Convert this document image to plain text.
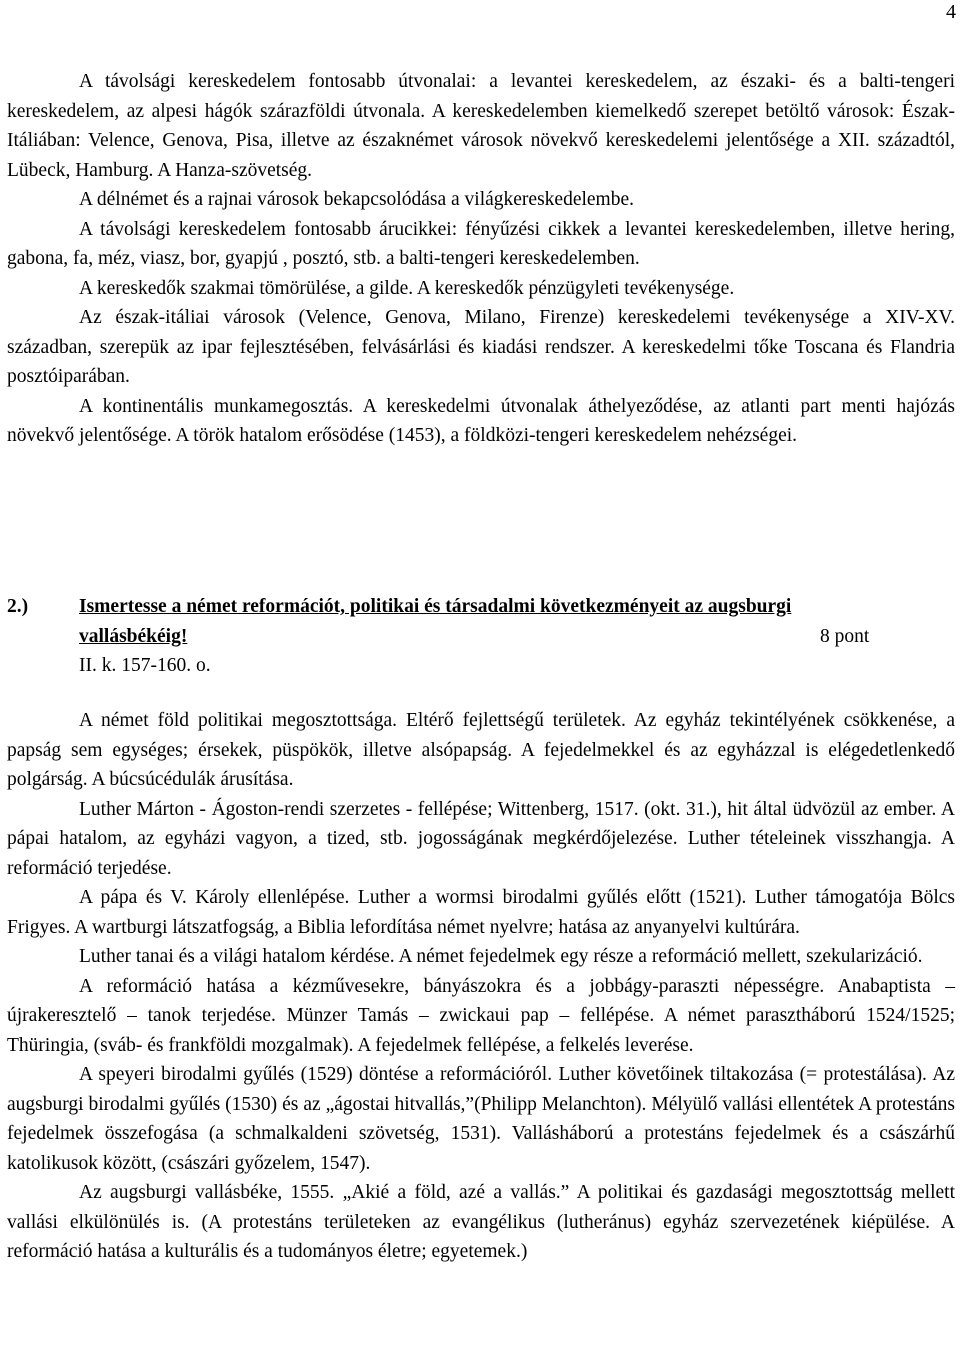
4

A távolsági kereskedelem fontosabb útvonalai: a levantei kereskedelem, az északi- és a balti-tengeri kereskedelem, az alpesi hágók szárazföldi útvonala. A kereskedelemben kiemelkedő szerepet betöltő városok: Észak-Itáliában: Velence, Genova, Pisa, illetve az északnémet városok növekvő kereskedelemi jelentősége a XII. századtól, Lübeck, Hamburg. A Hanza-szövetség.

A délnémet és a rajnai városok bekapcsolódása a világkereskedelembe.

A távolsági kereskedelem fontosabb árucikkei: fényűzési cikkek a levantei kereskedelemben, illetve hering, gabona, fa, méz, viasz, bor, gyapjú , posztó, stb. a balti-tengeri kereskedelemben.

A kereskedők szakmai tömörülése, a gilde. A kereskedők pénzügyleti tevékenysége.

Az észak-itáliai városok (Velence, Genova, Milano, Firenze) kereskedelemi tevékenysége a XIV-XV. században, szerepük az ipar fejlesztésében, felvásárlási és kiadási rendszer. A kereskedelmi tőke Toscana és Flandria posztóiparában.

A kontinentális munkamegosztás. A kereskedelmi útvonalak áthelyeződése, az atlanti part menti hajózás növekvő jelentősége. A török hatalom erősödése (1453), a földközi-tengeri kereskedelem nehézségei.

2.)
8 pont
Ismertesse a német reformációt, politikai és társadalmi következményeit az augsburgi vallásbékéig!
II. k. 157-160. o.

A német föld politikai megosztottsága. Eltérő fejlettségű területek. Az egyház tekintélyének csökkenése, a papság sem egységes; érsekek, püspökök, illetve alsópapság. A fejedelmekkel és az egyházzal is elégedetlenkedő polgárság. A búcsúcédulák árusítása.

Luther Márton - Ágoston-rendi szerzetes - fellépése; Wittenberg, 1517. (okt. 31.), hit által üdvözül az ember. A pápai hatalom, az egyházi vagyon, a tized, stb. jogosságának megkérdőjelezése. Luther tételeinek visszhangja. A reformáció terjedése.

A pápa és V. Károly ellenlépése. Luther a wormsi birodalmi gyűlés előtt (1521). Luther támogatója Bölcs Frigyes. A wartburgi látszatfogság, a Biblia lefordítása német nyelvre; hatása az anyanyelvi kultúrára.

Luther tanai és a világi hatalom kérdése. A német fejedelmek egy része a reformáció mellett, szekularizáció.

A reformáció hatása a kézművesekre, bányászokra és a jobbágy-paraszti népességre. Anabaptista – újrakeresztelő – tanok terjedése. Münzer Tamás – zwickaui pap – fellépése. A német parasztháború 1524/1525; Thüringia, (sváb- és frankföldi mozgalmak). A fejedelmek fellépése, a felkelés leverése.

A speyeri birodalmi gyűlés (1529) döntése a reformációról. Luther követőinek tiltakozása (= protestálása). Az augsburgi birodalmi gyűlés (1530) és az „ágostai hitvallás,”(Philipp Melanchton). Mélyülő vallási ellentétek A protestáns fejedelmek összefogása (a schmalkaldeni szövetség, 1531). Vallásháború a protestáns fejedelmek és a császárhű katolikusok között, (császári győzelem, 1547).

Az augsburgi vallásbéke, 1555. „Akié a föld, azé a vallás.” A politikai és gazdasági megosztottság mellett vallási elkülönülés is. (A protestáns területeken az evangélikus (lutheránus) egyház szervezetének kiépülése. A reformáció hatása a kulturális és a tudományos életre; egyetemek.)
